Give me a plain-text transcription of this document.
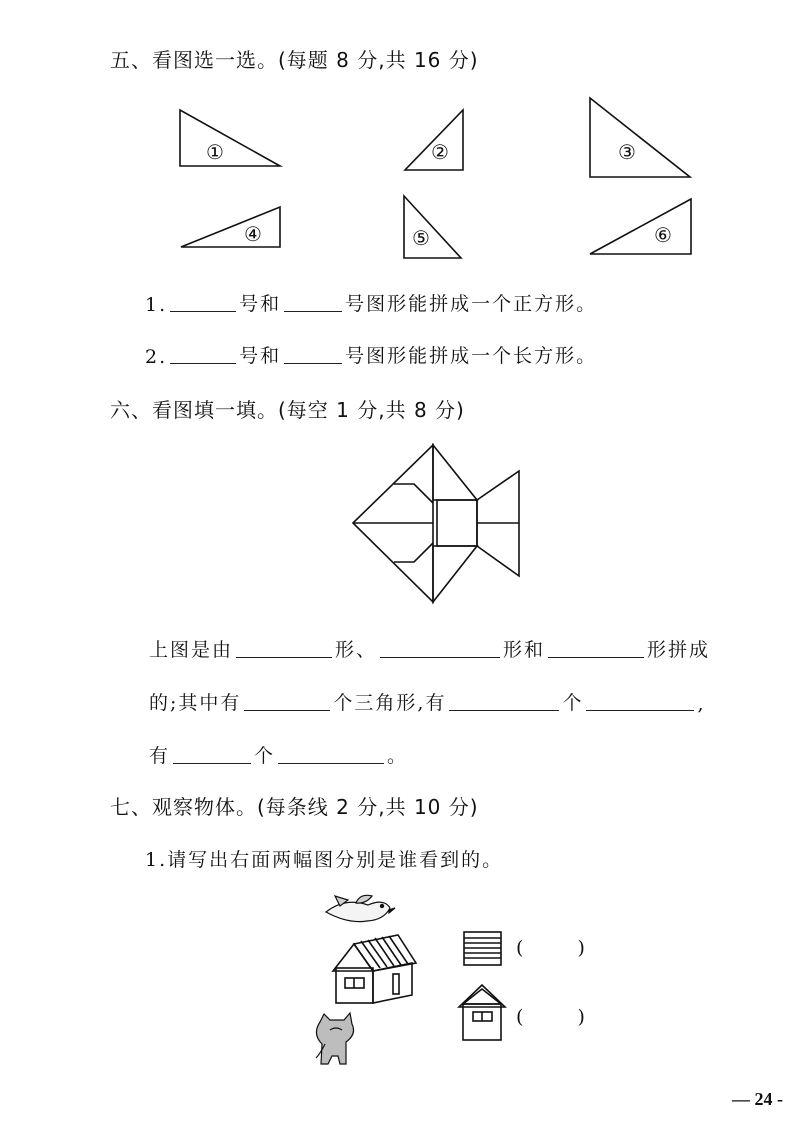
五、看图选一选。(每题 8 分,共 16 分)
①	②	③
④	⑤	⑥
1.	号和	号图形能拼成一个正方形。
2.	号和	号图形能拼成一个长方形。
六、看图填一填。(每空 1 分,共 8 分)
上图是由	形、	形和	形拼成
的;其中有	个三角形,有	个	,
有	个	。
七、观察物体。(每条线 2 分,共 10 分)
1.请写出右面两幅图分别是谁看到的。
( )
( )
— 24 -
